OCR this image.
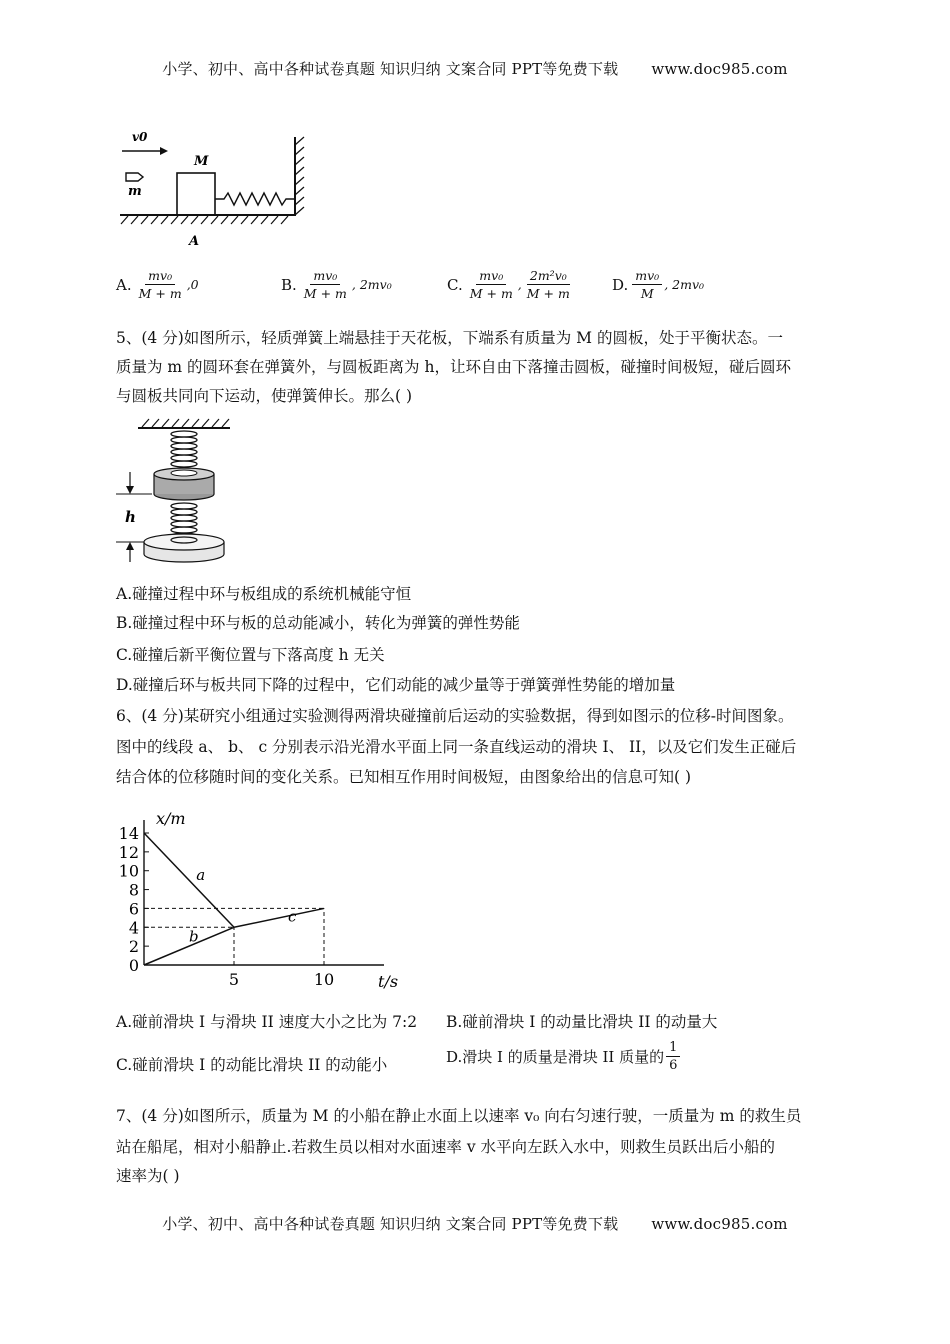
小学、初中、高中各种试卷真题 知识归纳 文案合同 PPT等免费下载 www.doc985.com
v0
m
M
A
A. $\frac{\text{mv₀}}{M + m} ,0$	B. $\frac{\text{mv₀}}{M + m}$ , 2mv₀	C. $\frac{\text{mv₀}}{M + m}$ , $\frac{\text{2m²v₀}}{M + m}$	D. $\frac{\text{mv₀}}{M}$ , 2mv₀
5、(4 分)如图所示，轻质弹簧上端悬挂于天花板，下端系有质量为 M 的圆板，处于平衡状态。一
质量为 m 的圆环套在弹簧外，与圆板距离为 h，让环自由下落撞击圆板，碰撞时间极短，碰后圆环
与圆板共同向下运动，使弹簧伸长。那么( )
h
A.碰撞过程中环与板组成的系统机械能守恒
B.碰撞过程中环与板的总动能减小，转化为弹簧的弹性势能
C.碰撞后新平衡位置与下落高度 h 无关
D.碰撞后环与板共同下降的过程中，它们动能的减少量等于弹簧弹性势能的增加量
6、(4 分)某研究小组通过实验测得两滑块碰撞前后运动的实验数据，得到如图示的位移-时间图象。
图中的线段 a、 b、 c 分别表示沿光滑水平面上同一条直线运动的滑块 I、 II，以及它们发生正碰后
结合体的位移随时间的变化关系。已知相互作用时间极短，由图象给出的信息可知( )
0
2
4
6
8
10
12
14
5	10
a
b
c
x/m
t/s
A.碰前滑块 I 与滑块 II 速度大小之比为 7:2 B.碰前滑块 I 的动量比滑块 II 的动量大
C.碰前滑块 I 的动能比滑块 II 的动能小	D.滑块 I 的质量是滑块 II 质量的 $\frac{1}{6}$
7、(4 分)如图所示，质量为 M 的小船在静止水面上以速率 v₀ 向右匀速行驶，一质量为 m 的救生员
站在船尾，相对小船静止.若救生员以相对水面速率 v 水平向左跃入水中，则救生员跃出后小船的
速率为( )
小学、初中、高中各种试卷真题 知识归纳 文案合同 PPT等免费下载 www.doc985.com
